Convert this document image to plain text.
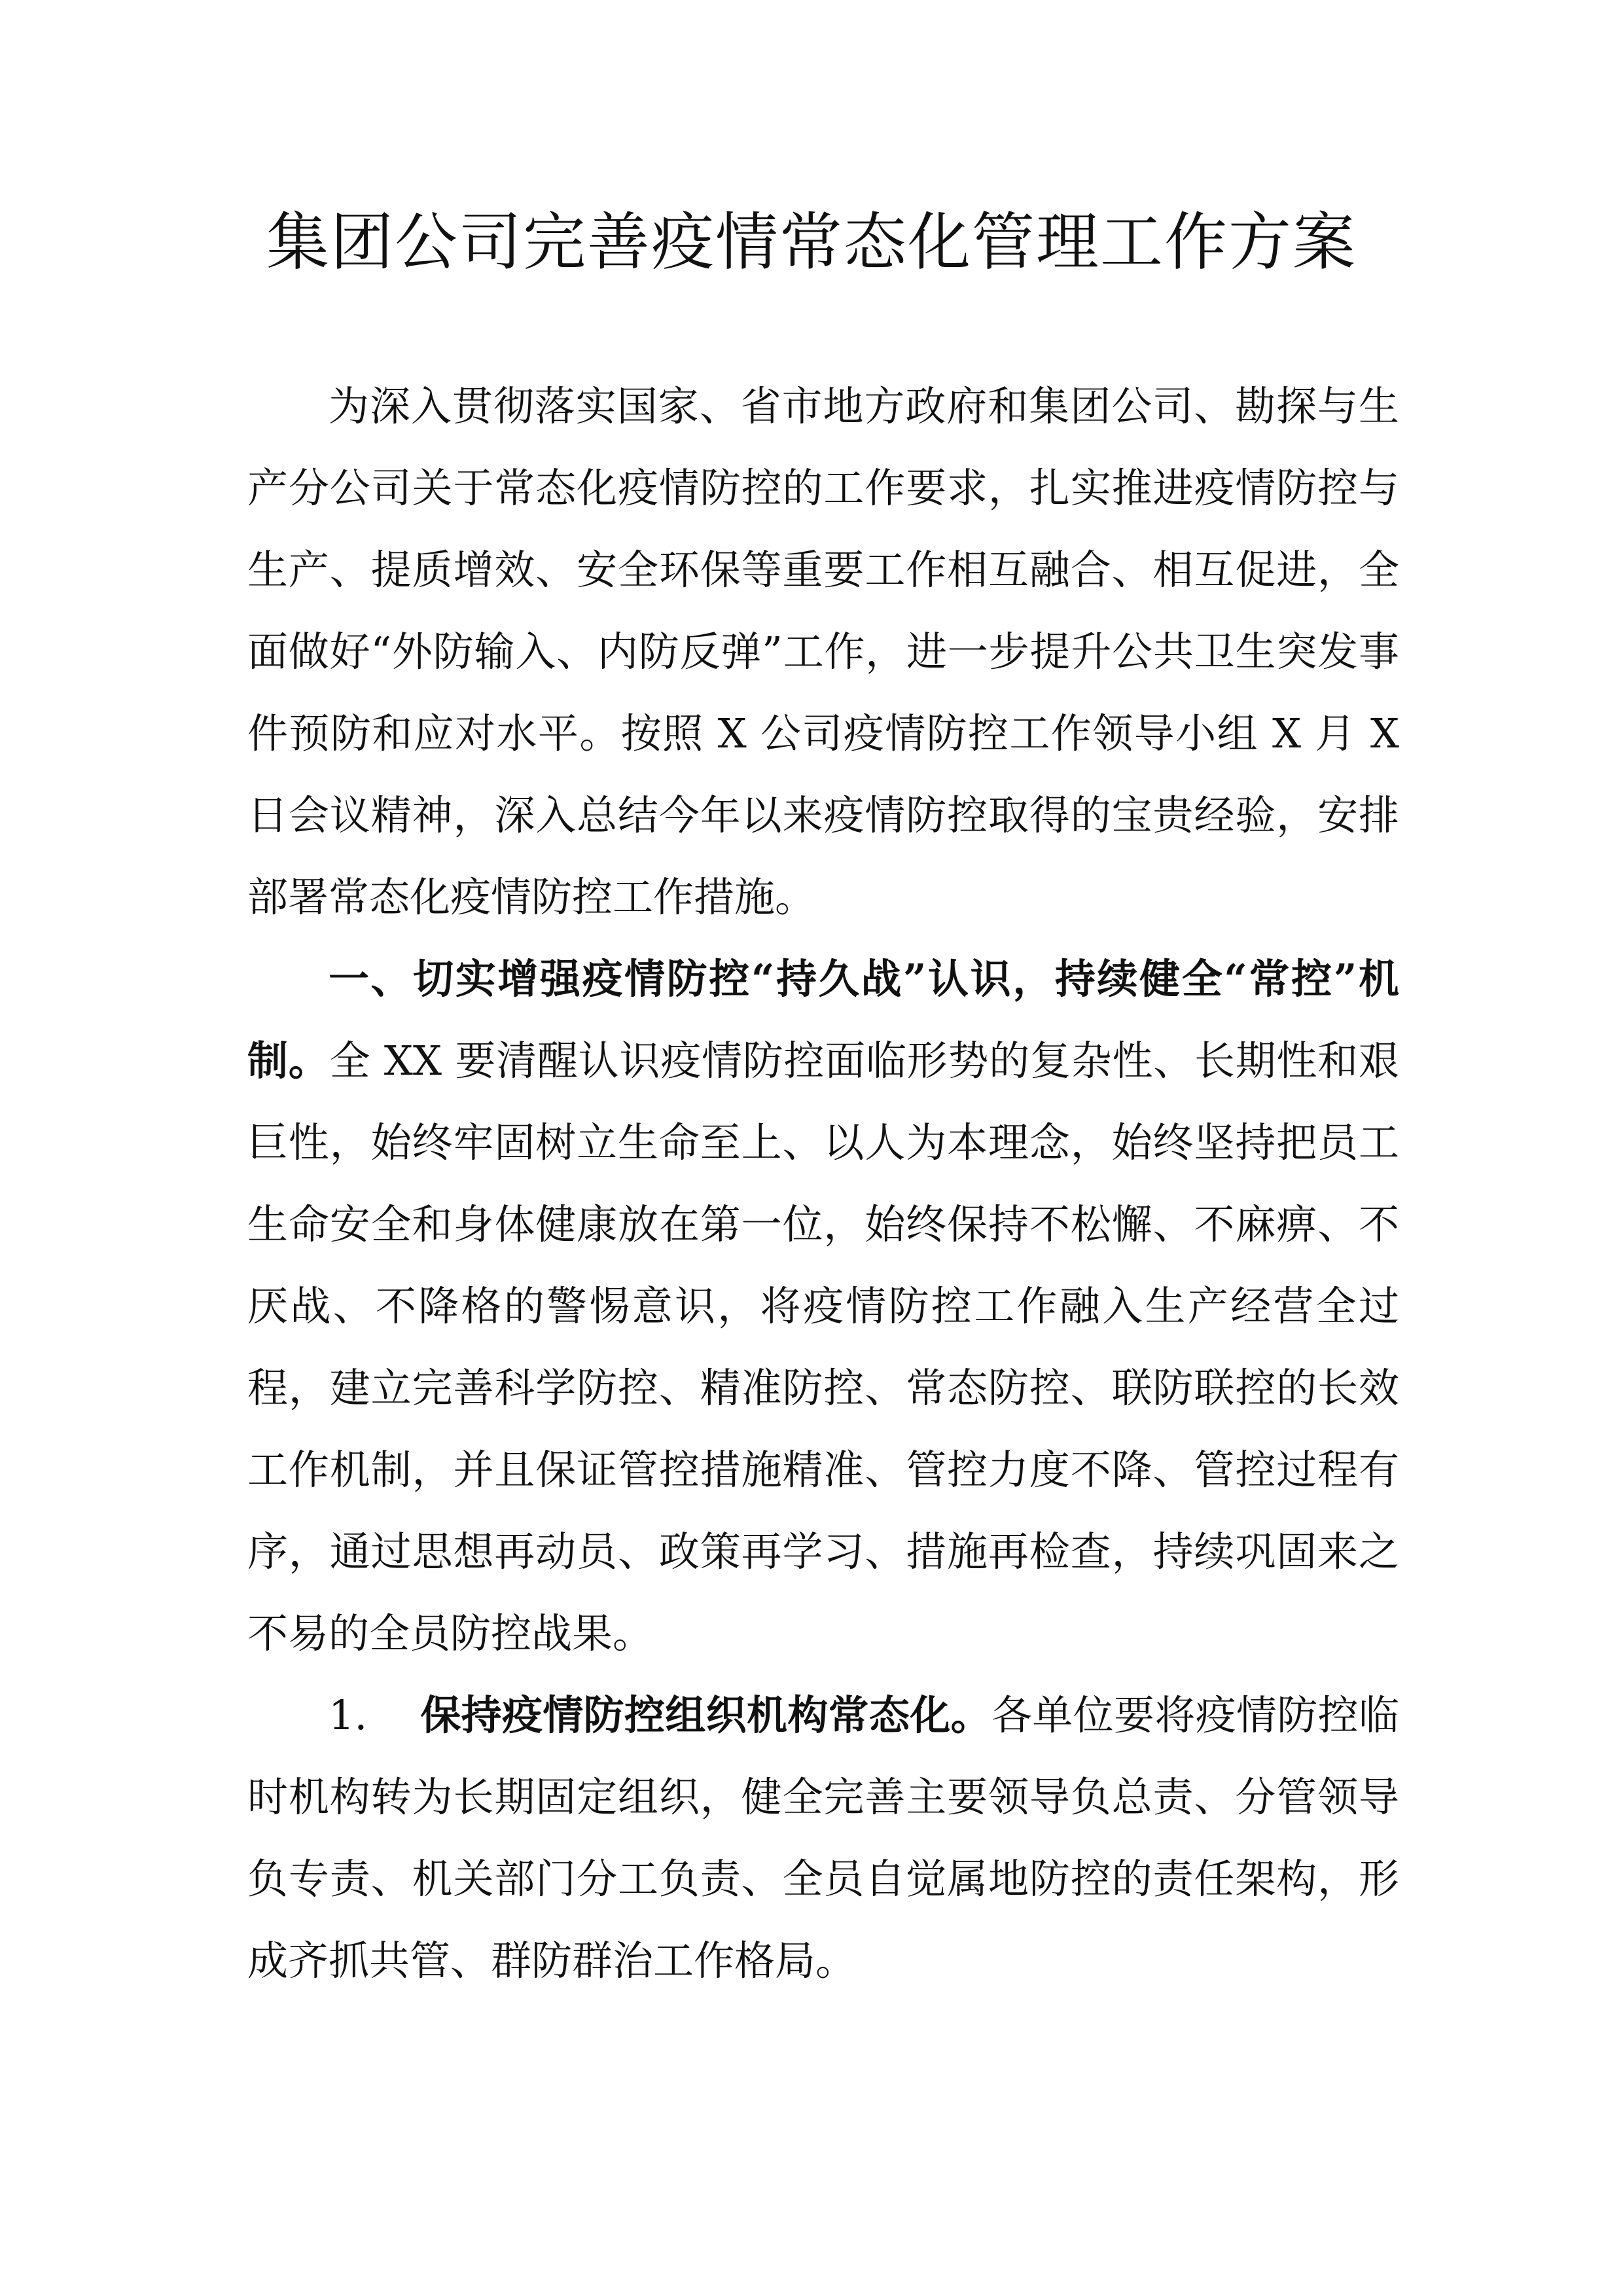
集团公司完善疫情常态化管理工作方案

为深入贯彻落实国家、省市地方政府和集团公司、勘探与生产分公司关于常态化疫情防控的工作要求，扎实推进疫情防控与生产、提质增效、安全环保等重要工作相互融合、相互促进，全面做好“外防输入、内防反弹”工作，进一步提升公共卫生突发事件预防和应对水平。按照 X 公司疫情防控工作领导小组 X 月 X 日会议精神，深入总结今年以来疫情防控取得的宝贵经验，安排部署常态化疫情防控工作措施。

一、切实增强疫情防控“持久战”认识，持续健全“常控”机制。全 XX 要清醒认识疫情防控面临形势的复杂性、长期性和艰巨性，始终牢固树立生命至上、以人为本理念，始终坚持把员工生命安全和身体健康放在第一位，始终保持不松懈、不麻痹、不厌战、不降格的警惕意识，将疫情防控工作融入生产经营全过程，建立完善科学防控、精准防控、常态防控、联防联控的长效工作机制，并且保证管控措施精准、管控力度不降、管控过程有序，通过思想再动员、政策再学习、措施再检查，持续巩固来之不易的全员防控战果。

1. 保持疫情防控组织机构常态化。各单位要将疫情防控临时机构转为长期固定组织，健全完善主要领导负总责、分管领导负专责、机关部门分工负责、全员自觉属地防控的责任架构，形成齐抓共管、群防群治工作格局。
